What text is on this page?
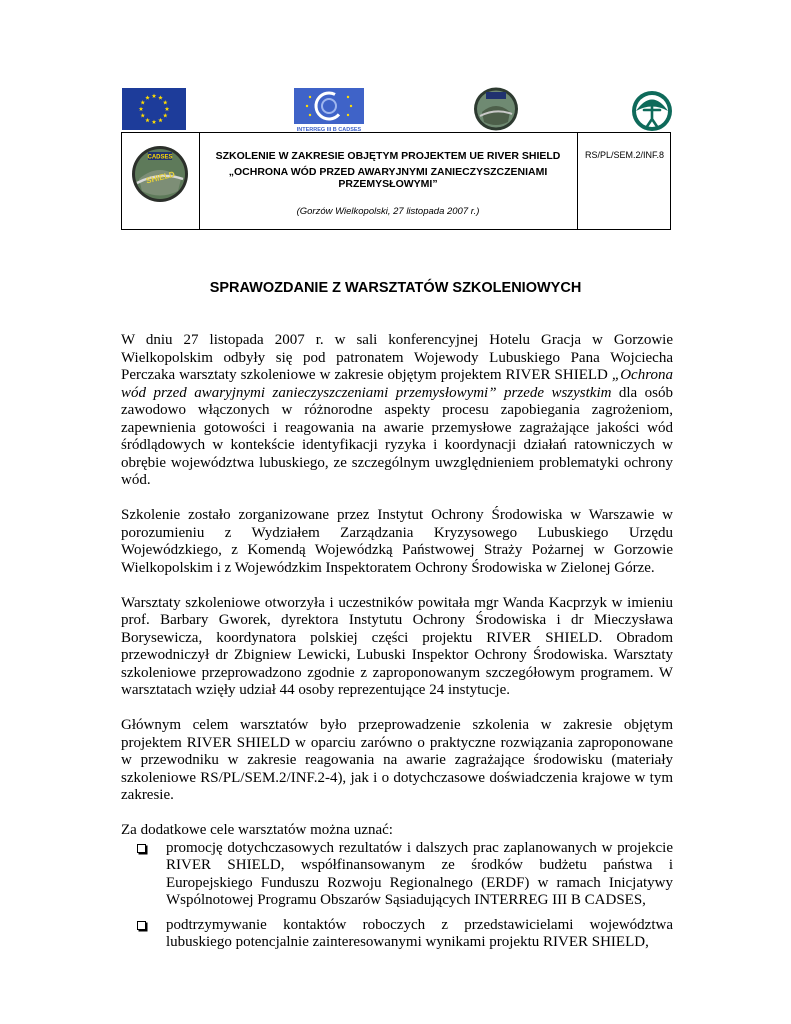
INTERREG III B CADSES
CADSES
SHIELD
SZKOLENIE W ZAKRESIE OBJĘTYM PROJEKTEM UE RIVER SHIELD
„OCHRONA WÓD PRZED AWARYJNYMI ZANIECZYSZCZENIAMI PRZEMYSŁOWYMI”
(Gorzów Wielkopolski, 27 listopada 2007 r.)
RS/PL/SEM.2/INF.8
SPRAWOZDANIE Z WARSZTATÓW SZKOLENIOWYCH

W dniu 27 listopada 2007 r. w sali konferencyjnej Hotelu Gracja w Gorzowie Wielkopolskim odbyły się pod patronatem Wojewody Lubuskiego Pana Wojciecha Perczaka warsztaty szkoleniowe w zakresie objętym projektem RIVER SHIELD „Ochrona wód przed awaryjnymi zanieczyszczeniami przemysłowymi” przede wszystkim dla osób zawodowo włączonych w różnorodne aspekty procesu zapobiegania zagrożeniom, zapewnienia gotowości i reagowania na awarie przemysłowe zagrażające jakości wód śródlądowych w kontekście identyfikacji ryzyka i koordynacji działań ratowniczych w obrębie województwa lubuskiego, ze szczególnym uwzględnieniem problematyki ochrony wód.

Szkolenie zostało zorganizowane przez Instytut Ochrony Środowiska w Warszawie w porozumieniu z Wydziałem Zarządzania Kryzysowego Lubuskiego Urzędu Wojewódzkiego, z Komendą Wojewódzką Państwowej Straży Pożarnej w Gorzowie Wielkopolskim i z Wojewódzkim Inspektoratem Ochrony Środowiska w Zielonej Górze.

Warsztaty szkoleniowe otworzyła i uczestników powitała mgr Wanda Kacprzyk w imieniu prof. Barbary Gworek, dyrektora Instytutu Ochrony Środowiska i dr Mieczysława Borysewicza, koordynatora polskiej części projektu RIVER SHIELD. Obradom przewodniczył dr Zbigniew Lewicki, Lubuski Inspektor Ochrony Środowiska. Warsztaty szkoleniowe przeprowadzono zgodnie z zaproponowanym szczegółowym programem. W warsztatach wzięły udział 44 osoby reprezentujące 24 instytucje.

Głównym celem warsztatów było przeprowadzenie szkolenia w zakresie objętym projektem RIVER SHIELD w oparciu zarówno o praktyczne rozwiązania zaproponowane w przewodniku w zakresie reagowania na awarie zagrażające środowisku (materiały szkoleniowe RS/PL/SEM.2/INF.2-4), jak i o dotychczasowe doświadczenia krajowe w tym zakresie.

Za dodatkowe cele warsztatów można uznać:

promocję dotychczasowych rezultatów i dalszych prac zaplanowanych w projekcie RIVER SHIELD, współfinansowanym ze środków budżetu państwa i Europejskiego Funduszu Rozwoju Regionalnego (ERDF) w ramach Inicjatywy Wspólnotowej Programu Obszarów Sąsiadujących INTERREG III B CADSES,
podtrzymywanie kontaktów roboczych z przedstawicielami województwa lubuskiego potencjalnie zainteresowanymi wynikami projektu RIVER SHIELD,
